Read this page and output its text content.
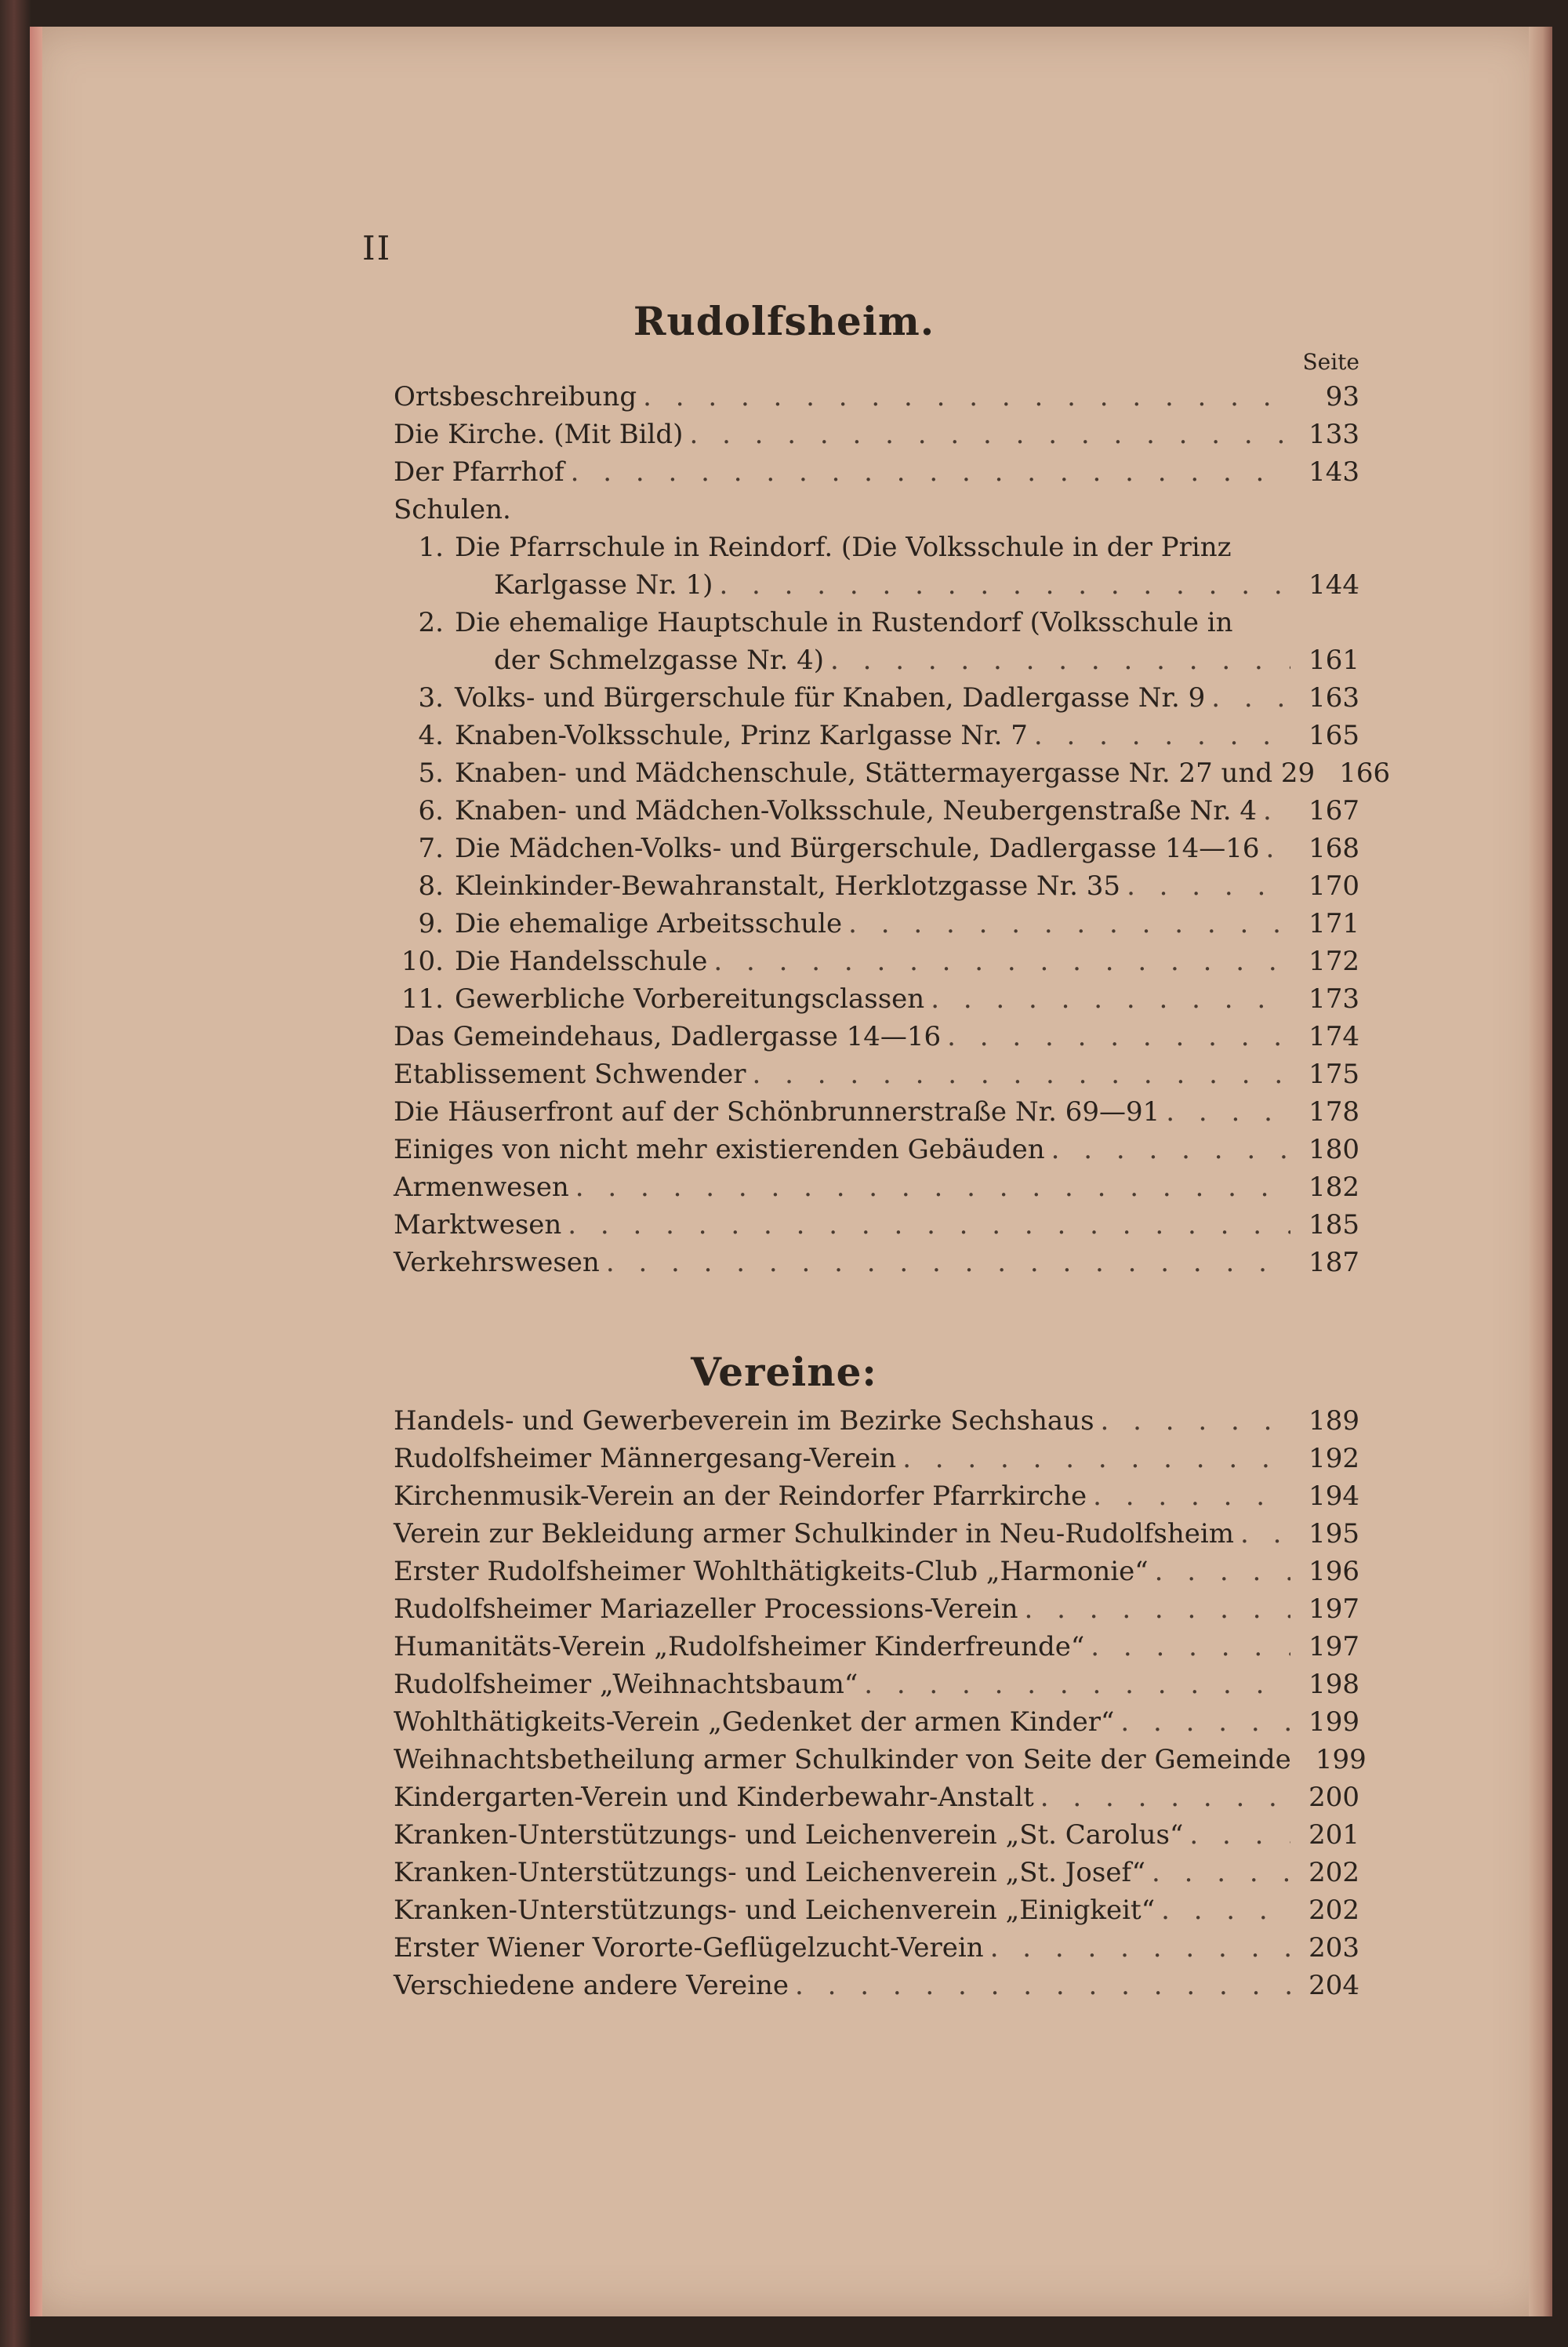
II
Rudolfsheim.
Seite
Vereine:
Ortsbeschreibung . . .	93
Die Kirche. (Mit Bild) . . .	133
Der Pfarrhof . . .	143
Schulen.
1. Die Pfarrschule in Reindorf. (Die Volksschule in der Prinz
Karlgasse Nr. 1) . . .	144
2. Die ehemalige Hauptschule in Rustendorf (Volksschule in
der Schmelzgasse Nr. 4) . . .	161
3. Volks- und Bürgerschule für Knaben, Dadlergasse Nr. 9 . . .	163
4. Knaben-Volksschule, Prinz Karlgasse Nr. 7 . . .	165
5. Knaben- und Mädchenschule, Stättermayergasse Nr. 27 und 29 166
6. Knaben- und Mädchen-Volksschule, Neubergenstraße Nr. 4 . . .	167
7. Die Mädchen-Volks- und Bürgerschule, Dadlergasse 14—16 . . .	168
8. Kleinkinder-Bewahranstalt, Herklotzgasse Nr. 35 . . .	170
9. Die ehemalige Arbeitsschule . . .	171
10. Die Handelsschule . . .	172
11. Gewerbliche Vorbereitungsclassen . . .	173
Das Gemeindehaus, Dadlergasse 14—16 . . .	174
Etablissement Schwender . . .	175
Die Häuserfront auf der Schönbrunnerstraße Nr. 69—91 . . .	178
Einiges von nicht mehr existierenden Gebäuden . . .	180
Armenwesen . . .	182
Marktwesen . . .	185
Verkehrswesen . . .	187
Handels- und Gewerbeverein im Bezirke Sechshaus . . .	189
Rudolfsheimer Männergesang-Verein . . .	192
Kirchenmusik-Verein an der Reindorfer Pfarrkirche . . .	194
Verein zur Bekleidung armer Schulkinder in Neu-Rudolfsheim . . .	195
Erster Rudolfsheimer Wohlthätigkeits-Club „Harmonie“ . . .	196
Rudolfsheimer Mariazeller Processions-Verein . . .	197
Humanitäts-Verein „Rudolfsheimer Kinderfreunde“ . . .	197
Rudolfsheimer „Weihnachtsbaum“ . . .	198
Wohlthätigkeits-Verein „Gedenket der armen Kinder“ . . .	199
Weihnachtsbetheilung armer Schulkinder von Seite der Gemeinde 199
Kindergarten-Verein und Kinderbewahr-Anstalt . . .	200
Kranken-Unterstützungs- und Leichenverein „St. Carolus“ . . .	201
Kranken-Unterstützungs- und Leichenverein „St. Josef“ . . .	202
Kranken-Unterstützungs- und Leichenverein „Einigkeit“ . . .	202
Erster Wiener Vororte-Geflügelzucht-Verein . . .	203
Verschiedene andere Vereine . . .	204
